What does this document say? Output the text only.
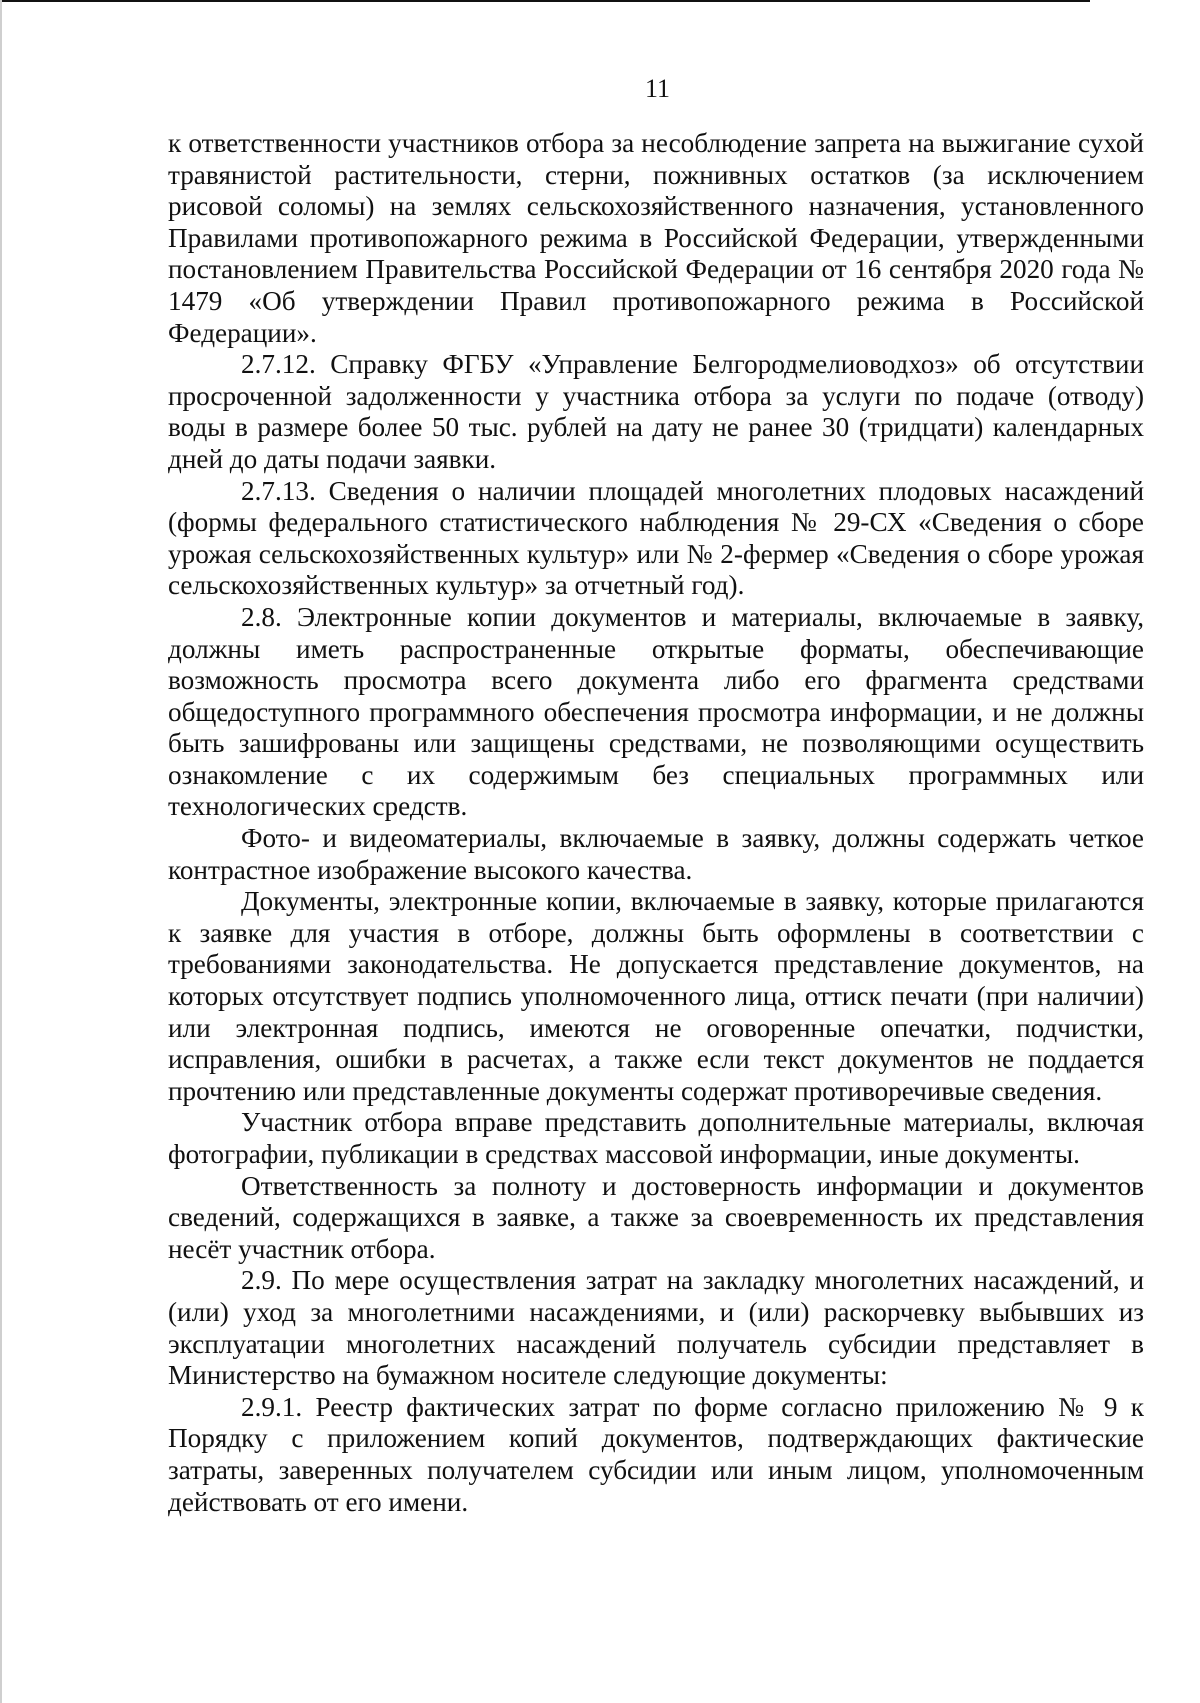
11

к ответственности участников отбора за несоблюдение запрета на выжигание сухой травянистой растительности, стерни, пожнивных остатков (за исключением рисовой соломы) на землях сельскохозяйственного назначения, установленного Правилами противопожарного режима в Российской Федерации, утвержденными постановлением Правительства Российской Федерации от 16 сентября 2020 года № 1479 «Об утверждении Правил противопожарного режима в Российской Федерации».

2.7.12. Справку ФГБУ «Управление Белгородмелиоводхоз» об отсутствии просроченной задолженности у участника отбора за услуги по подаче (отводу) воды в размере более 50 тыс. рублей на дату не ранее 30 (тридцати) календарных дней до даты подачи заявки.

2.7.13. Сведения о наличии площадей многолетних плодовых насаждений (формы федерального статистического наблюдения № 29-СХ «Сведения о сборе урожая сельскохозяйственных культур» или № 2-фермер «Сведения о сборе урожая сельскохозяйственных культур» за отчетный год).

2.8. Электронные копии документов и материалы, включаемые в заявку, должны иметь распространенные открытые форматы, обеспечивающие возможность просмотра всего документа либо его фрагмента средствами общедоступного программного обеспечения просмотра информации, и не должны быть зашифрованы или защищены средствами, не позволяющими осуществить ознакомление с их содержимым без специальных программных или технологических средств.

Фото- и видеоматериалы, включаемые в заявку, должны содержать четкое контрастное изображение высокого качества.

Документы, электронные копии, включаемые в заявку, которые прилагаются к заявке для участия в отборе, должны быть оформлены в соответствии с требованиями законодательства. Не допускается представление документов, на которых отсутствует подпись уполномоченного лица, оттиск печати (при наличии) или электронная подпись, имеются не оговоренные опечатки, подчистки, исправления, ошибки в расчетах, а также если текст документов не поддается прочтению или представленные документы содержат противоречивые сведения.

Участник отбора вправе представить дополнительные материалы, включая фотографии, публикации в средствах массовой информации, иные документы.

Ответственность за полноту и достоверность информации и документов сведений, содержащихся в заявке, а также за своевременность их представления несёт участник отбора.

2.9. По мере осуществления затрат на закладку многолетних насаждений, и (или) уход за многолетними насаждениями, и (или) раскорчевку выбывших из эксплуатации многолетних насаждений получатель субсидии представляет в Министерство на бумажном носителе следующие документы:

2.9.1. Реестр фактических затрат по форме согласно приложению № 9 к Порядку с приложением копий документов, подтверждающих фактические затраты, заверенных получателем субсидии или иным лицом, уполномоченным действовать от его имени.
